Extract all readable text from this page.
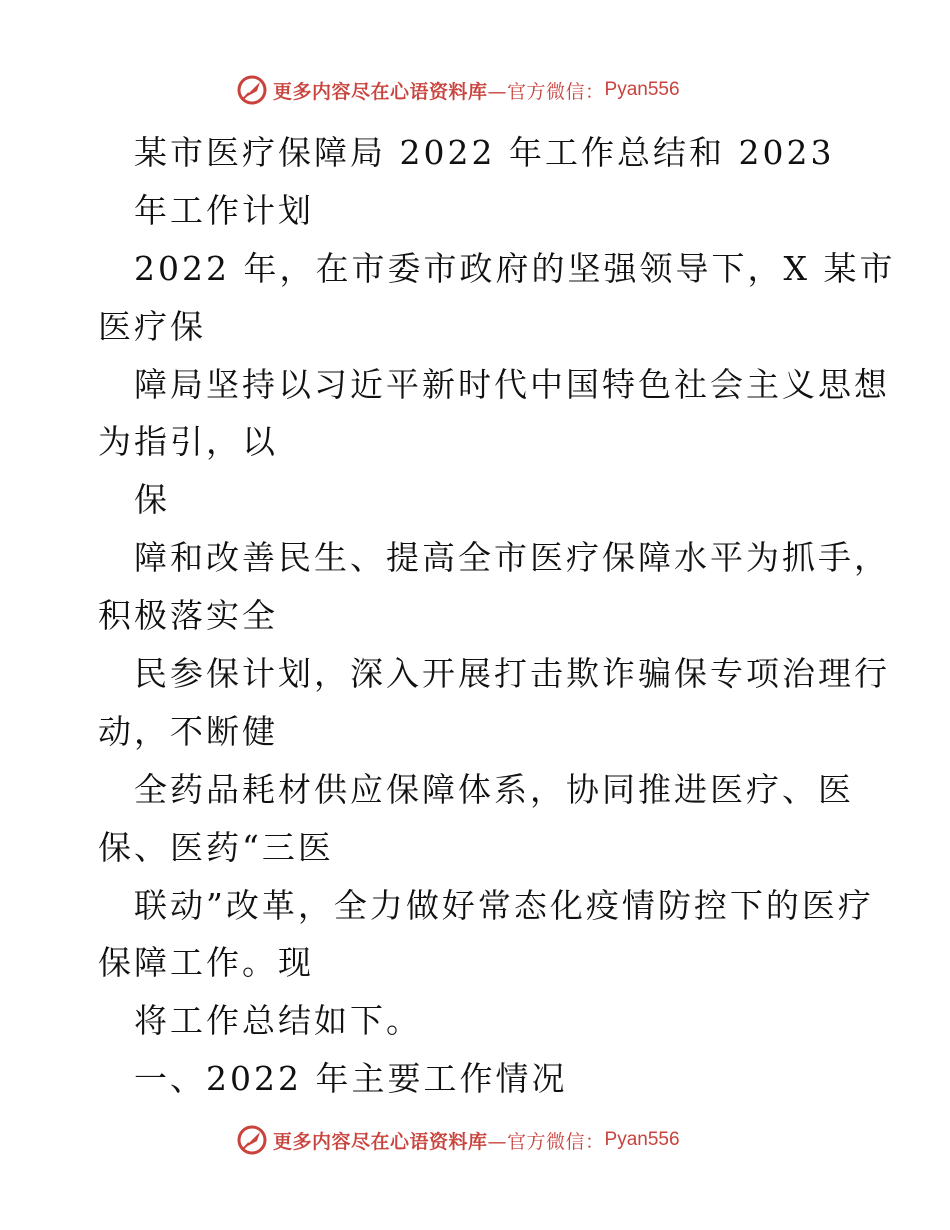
更多内容尽在心语资料库 —官方微信： Pyan556
某市医疗保障局 2022 年工作总结和 2023
年工作计划
2022 年，在市委市政府的坚强领导下，X 某市
医疗保
障局坚持以习近平新时代中国特色社会主义思想
为指引，以
保
障和改善民生、提高全市医疗保障水平为抓手，
积极落实全
民参保计划，深入开展打击欺诈骗保专项治理行
动，不断健
全药品耗材供应保障体系，协同推进医疗、医
保、医药“三医
联动”改革，全力做好常态化疫情防控下的医疗
保障工作。现
将工作总结如下。
一、2022 年主要工作情况
更多内容尽在心语资料库 —官方微信： Pyan556
